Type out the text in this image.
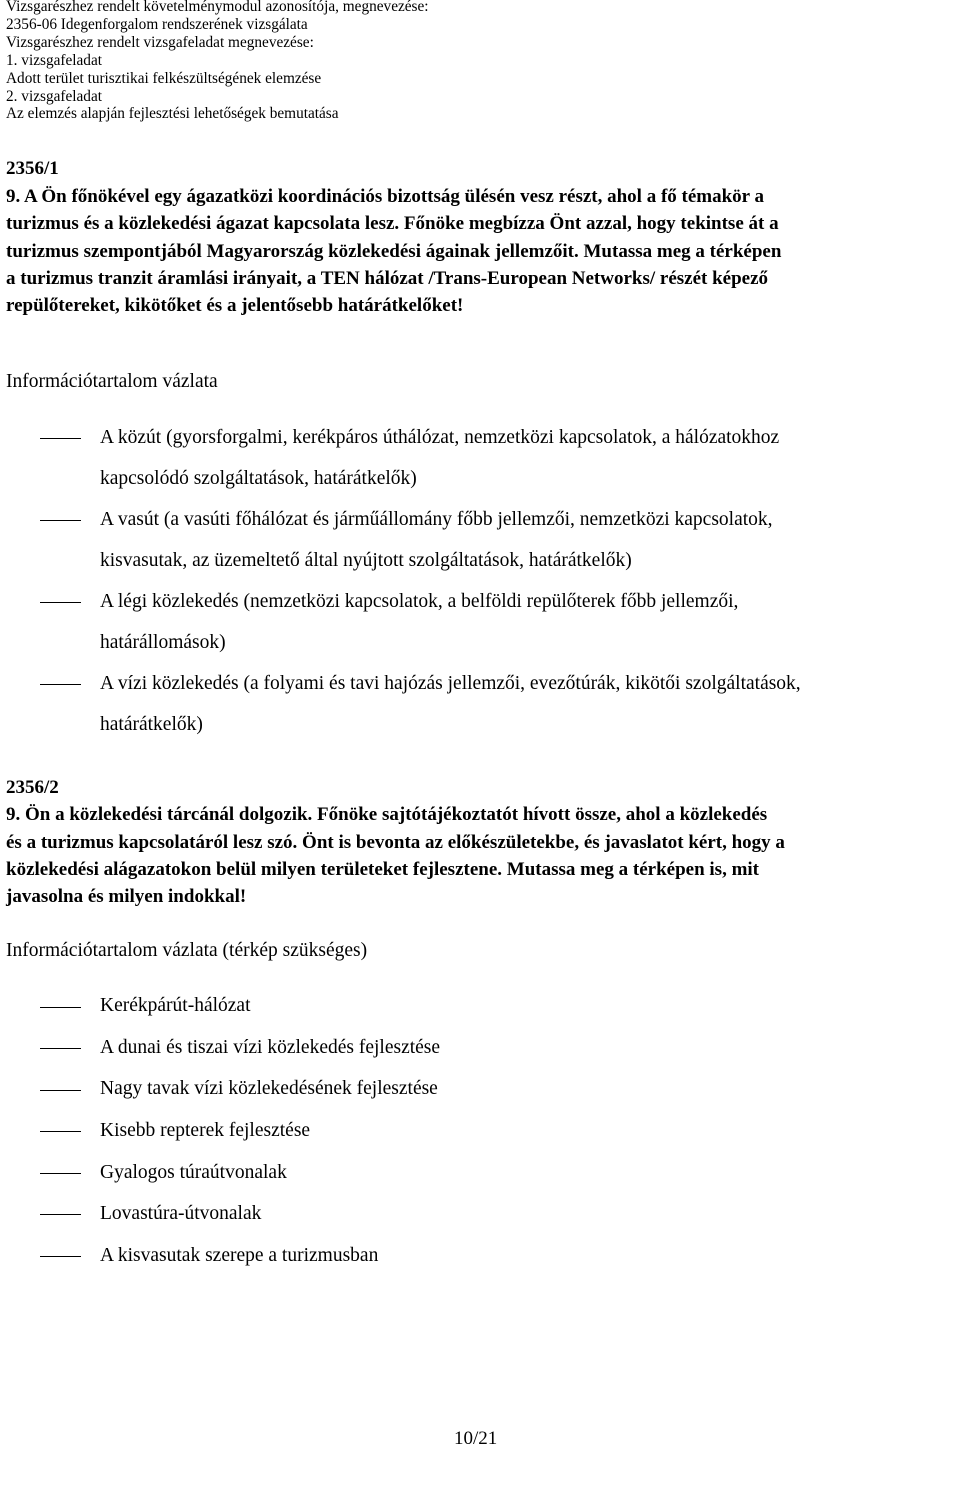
Vizsgarészhez rendelt követelménymodul azonosítója, megnevezése:
2356-06 Idegenforgalom rendszerének vizsgálata
Vizsgarészhez rendelt vizsgafeladat megnevezése:
1. vizsgafeladat
Adott terület turisztikai felkészültségének elemzése
2. vizsgafeladat
Az elemzés alapján fejlesztési lehetőségek bemutatása
2356/1
9. A Ön főnökével egy ágazatközi koordinációs bizottság ülésén vesz részt, ahol a fő témakör a
turizmus és a közlekedési ágazat kapcsolata lesz. Főnöke megbízza Önt azzal, hogy tekintse át a
turizmus szempontjából Magyarország közlekedési ágainak jellemzőit. Mutassa meg a térképen
a turizmus tranzit áramlási irányait, a TEN hálózat /Trans-European Networks/ részét képező
repülőtereket, kikötőket és a jelentősebb határátkelőket!
Információtartalom vázlata
A közút (gyorsforgalmi, kerékpáros úthálózat, nemzetközi kapcsolatok, a hálózatokhoz
kapcsolódó szolgáltatások, határátkelők)
A vasút (a vasúti főhálózat és járműállomány főbb jellemzői, nemzetközi kapcsolatok,
kisvasutak, az üzemeltető által nyújtott szolgáltatások, határátkelők)
A légi közlekedés (nemzetközi kapcsolatok, a belföldi repülőterek főbb jellemzői,
határállomások)
A vízi közlekedés (a folyami és tavi hajózás jellemzői, evezőtúrák, kikötői szolgáltatások,
határátkelők)
2356/2
9. Ön a közlekedési tárcánál dolgozik. Főnöke sajtótájékoztatót hívott össze, ahol a közlekedés
és a turizmus kapcsolatáról lesz szó. Önt is bevonta az előkészületekbe, és javaslatot kért, hogy a
közlekedési alágazatokon belül milyen területeket fejlesztene. Mutassa meg a térképen is, mit
javasolna és milyen indokkal!
Információtartalom vázlata (térkép szükséges)
Kerékpárút-hálózat
A dunai és tiszai vízi közlekedés fejlesztése
Nagy tavak vízi közlekedésének fejlesztése
Kisebb repterek fejlesztése
Gyalogos túraútvonalak
Lovastúra-útvonalak
A kisvasutak szerepe a turizmusban
10/21
